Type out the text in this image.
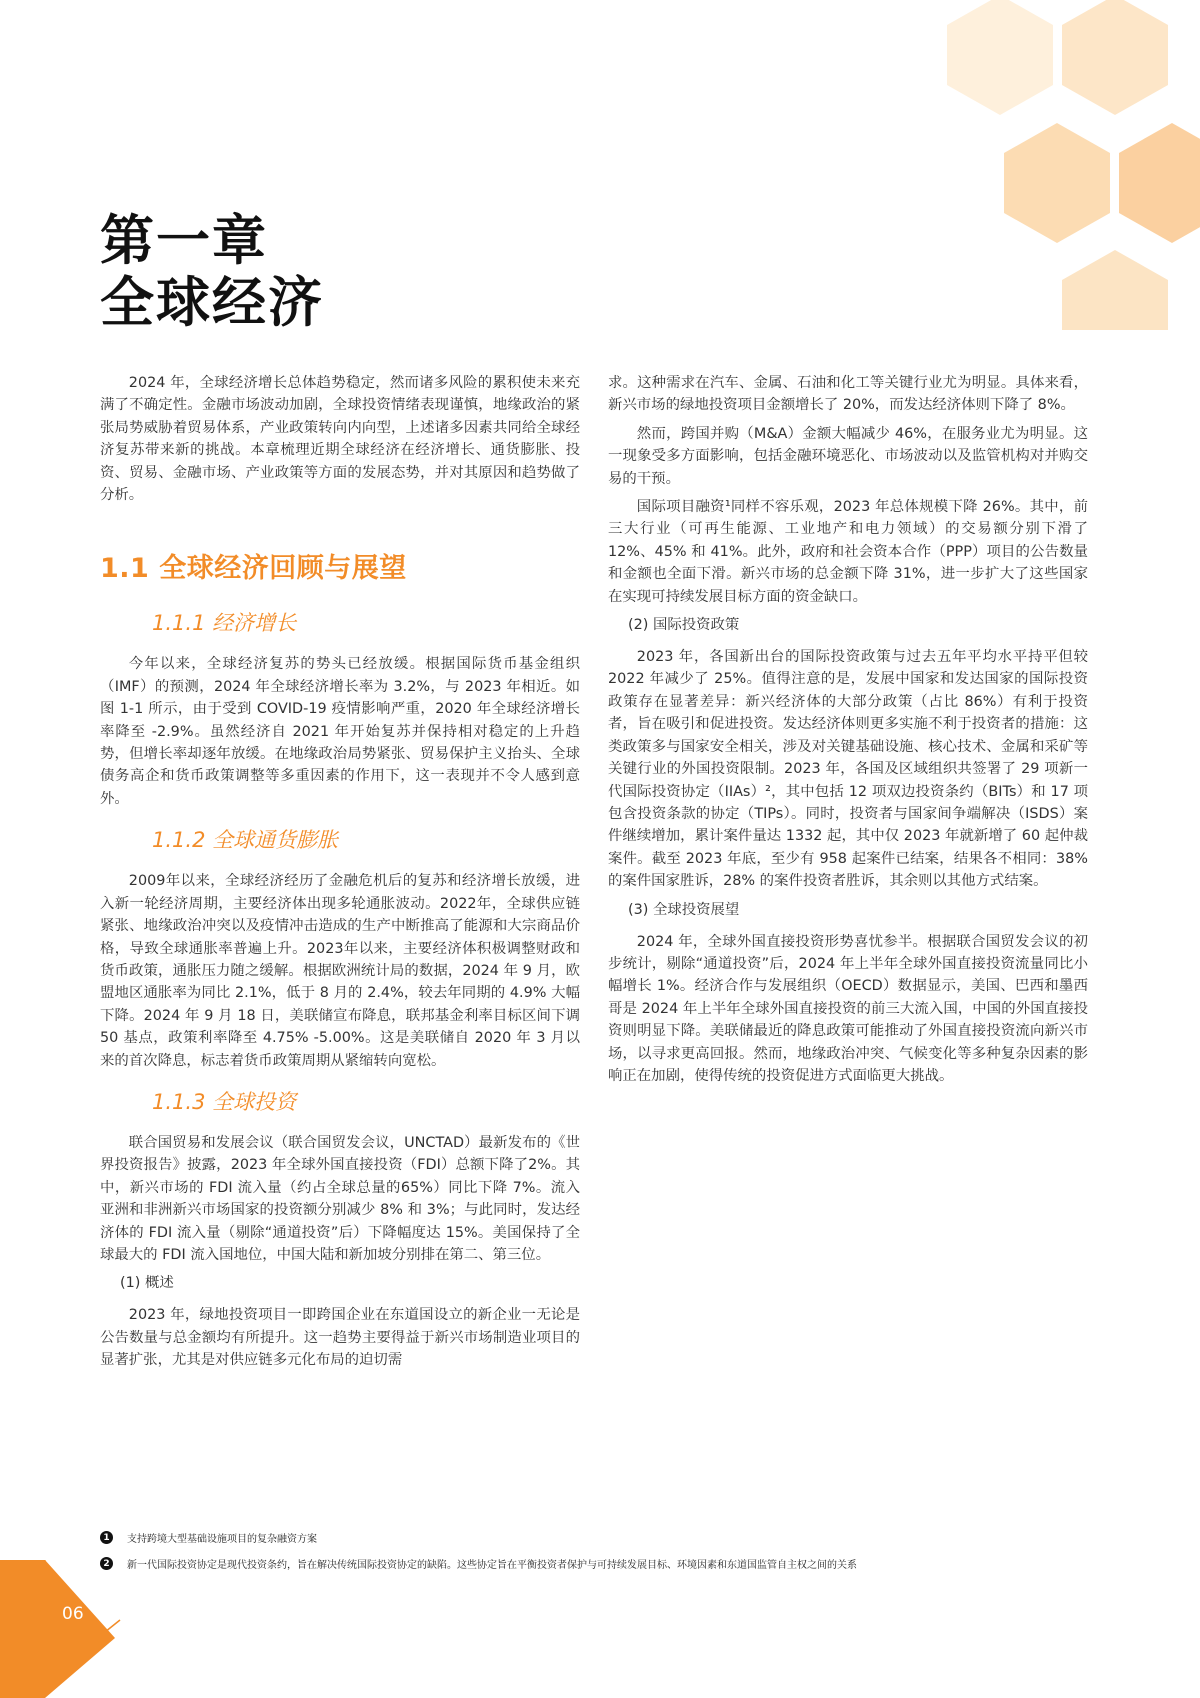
第一章
全球经济

2024 年，全球经济增长总体趋势稳定，然而诸多风险的累积使未来充满了不确定性。金融市场波动加剧，全球投资情绪表现谨慎，地缘政治的紧张局势威胁着贸易体系，产业政策转向内向型，上述诸多因素共同给全球经济复苏带来新的挑战。本章梳理近期全球经济在经济增长、通货膨胀、投资、贸易、金融市场、产业政策等方面的发展态势，并对其原因和趋势做了分析。

1.1 全球经济回顾与展望
1.1.1 经济增长

今年以来，全球经济复苏的势头已经放缓。根据国际货币基金组织（IMF）的预测，2024 年全球经济增长率为 3.2%，与 2023 年相近。如图 1-1 所示，由于受到 COVID-19 疫情影响严重，2020 年全球经济增长率降至 -2.9%。虽然经济自 2021 年开始复苏并保持相对稳定的上升趋势，但增长率却逐年放缓。在地缘政治局势紧张、贸易保护主义抬头、全球债务高企和货币政策调整等多重因素的作用下，这一表现并不令人感到意外。

1.1.2 全球通货膨胀

2009年以来，全球经济经历了金融危机后的复苏和经济增长放缓，进入新一轮经济周期，主要经济体出现多轮通胀波动。2022年，全球供应链紧张、地缘政治冲突以及疫情冲击造成的生产中断推高了能源和大宗商品价格，导致全球通胀率普遍上升。2023年以来，主要经济体积极调整财政和货币政策，通胀压力随之缓解。根据欧洲统计局的数据，2024 年 9 月，欧盟地区通胀率为同比 2.1%，低于 8 月的 2.4%，较去年同期的 4.9% 大幅下降。2024 年 9 月 18 日，美联储宣布降息，联邦基金利率目标区间下调 50 基点，政策利率降至 4.75% -5.00%。这是美联储自 2020 年 3 月以来的首次降息，标志着货币政策周期从紧缩转向宽松。

1.1.3 全球投资

联合国贸易和发展会议（联合国贸发会议，UNCTAD）最新发布的《世界投资报告》披露，2023 年全球外国直接投资（FDI）总额下降了2%。其中，新兴市场的 FDI 流入量（约占全球总量的65%）同比下降 7%。流入亚洲和非洲新兴市场国家的投资额分别减少 8% 和 3%；与此同时，发达经济体的 FDI 流入量（剔除“通道投资”后）下降幅度达 15%。美国保持了全球最大的 FDI 流入国地位，中国大陆和新加坡分别排在第二、第三位。

(1) 概述

2023 年，绿地投资项目一即跨国企业在东道国设立的新企业一无论是公告数量与总金额均有所提升。这一趋势主要得益于新兴市场制造业项目的显著扩张，尤其是对供应链多元化布局的迫切需

求。这种需求在汽车、金属、石油和化工等关键行业尤为明显。具体来看，新兴市场的绿地投资项目金额增长了 20%，而发达经济体则下降了 8%。

然而，跨国并购（M&A）金额大幅减少 46%，在服务业尤为明显。这一现象受多方面影响，包括金融环境恶化、市场波动以及监管机构对并购交易的干预。

国际项目融资¹同样不容乐观，2023 年总体规模下降 26%。其中，前三大行业（可再生能源、工业地产和电力领域）的交易额分别下滑了 12%、45% 和 41%。此外，政府和社会资本合作（PPP）项目的公告数量和金额也全面下滑。新兴市场的总金额下降 31%，进一步扩大了这些国家在实现可持续发展目标方面的资金缺口。

(2) 国际投资政策

2023 年，各国新出台的国际投资政策与过去五年平均水平持平但较 2022 年减少了 25%。值得注意的是，发展中国家和发达国家的国际投资政策存在显著差异：新兴经济体的大部分政策（占比 86%）有利于投资者，旨在吸引和促进投资。发达经济体则更多实施不利于投资者的措施：这类政策多与国家安全相关，涉及对关键基础设施、核心技术、金属和采矿等关键行业的外国投资限制。2023 年，各国及区域组织共签署了 29 项新一代国际投资协定（IIAs）²，其中包括 12 项双边投资条约（BITs）和 17 项包含投资条款的协定（TIPs）。同时，投资者与国家间争端解决（ISDS）案件继续增加，累计案件量达 1332 起，其中仅 2023 年就新增了 60 起仲裁案件。截至 2023 年底，至少有 958 起案件已结案，结果各不相同：38% 的案件国家胜诉，28% 的案件投资者胜诉，其余则以其他方式结案。

(3) 全球投资展望

2024 年，全球外国直接投资形势喜忧参半。根据联合国贸发会议的初步统计，剔除“通道投资”后，2024 年上半年全球外国直接投资流量同比小幅增长 1%。经济合作与发展组织（OECD）数据显示，美国、巴西和墨西哥是 2024 年上半年全球外国直接投资的前三大流入国，中国的外国直接投资则明显下降。美联储最近的降息政策可能推动了外国直接投资流向新兴市场，以寻求更高回报。然而，地缘政治冲突、气候变化等多种复杂因素的影响正在加剧，使得传统的投资促进方式面临更大挑战。

1	支持跨境大型基础设施项目的复杂融资方案
2	新一代国际投资协定是现代投资条约，旨在解决传统国际投资协定的缺陷。这些协定旨在平衡投资者保护与可持续发展目标、环境因素和东道国监管自主权之间的关系
06
